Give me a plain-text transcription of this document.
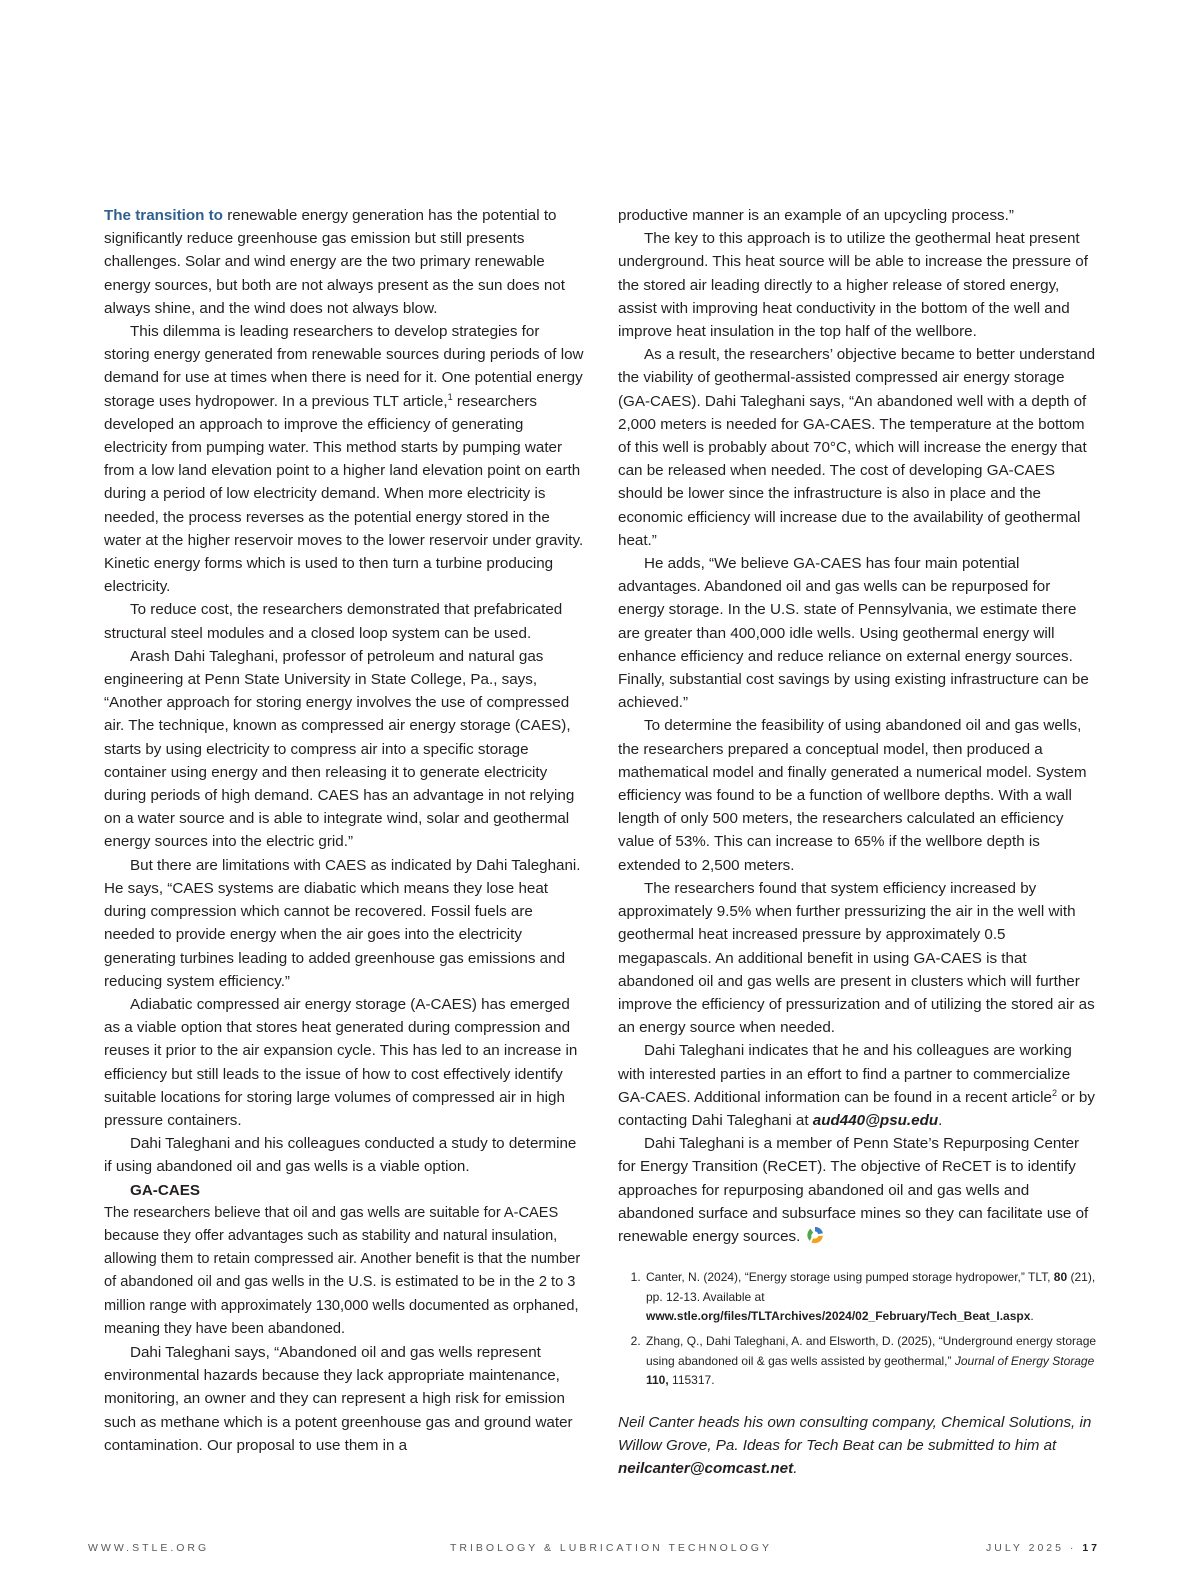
The transition to renewable energy generation has the potential to significantly reduce greenhouse gas emission but still presents challenges. Solar and wind energy are the two primary renewable energy sources, but both are not always present as the sun does not always shine, and the wind does not always blow.

This dilemma is leading researchers to develop strategies for storing energy generated from renewable sources during periods of low demand for use at times when there is need for it. One potential energy storage uses hydropower. In a previous TLT article,$^1$ researchers developed an approach to improve the efficiency of generating electricity from pumping water. This method starts by pumping water from a low land elevation point to a higher land elevation point on earth during a period of low electricity demand. When more electricity is needed, the process reverses as the potential energy stored in the water at the higher reservoir moves to the lower reservoir under gravity. Kinetic energy forms which is used to then turn a turbine producing electricity.

To reduce cost, the researchers demonstrated that prefabricated structural steel modules and a closed loop system can be used.

Arash Dahi Taleghani, professor of petroleum and natural gas engineering at Penn State University in State College, Pa., says, “Another approach for storing energy involves the use of compressed air. The technique, known as compressed air energy storage (CAES), starts by using electricity to compress air into a specific storage container using energy and then releasing it to generate electricity during periods of high demand. CAES has an advantage in not relying on a water source and is able to integrate wind, solar and geothermal energy sources into the electric grid.”

But there are limitations with CAES as indicated by Dahi Taleghani. He says, “CAES systems are diabatic which means they lose heat during compression which cannot be recovered. Fossil fuels are needed to provide energy when the air goes into the electricity generating turbines leading to added greenhouse gas emissions and reducing system efficiency.”

Adiabatic compressed air energy storage (A-CAES) has emerged as a viable option that stores heat generated during compression and reuses it prior to the air expansion cycle. This has led to an increase in efficiency but still leads to the issue of how to cost effectively identify suitable locations for storing large volumes of compressed air in high pressure containers.

Dahi Taleghani and his colleagues conducted a study to determine if using abandoned oil and gas wells is a viable option.

GA-CAES

The researchers believe that oil and gas wells are suitable for A-CAES because they offer advantages such as stability and natural insulation, allowing them to retain compressed air. Another benefit is that the number of abandoned oil and gas wells in the U.S. is estimated to be in the 2 to 3 million range with approximately 130,000 wells documented as orphaned, meaning they have been abandoned.

Dahi Taleghani says, “Abandoned oil and gas wells represent environmental hazards because they lack appropriate maintenance, monitoring, an owner and they can represent a high risk for emission such as methane which is a potent greenhouse gas and ground water contamination. Our proposal to use them in a

productive manner is an example of an upcycling process.”

The key to this approach is to utilize the geothermal heat present underground. This heat source will be able to increase the pressure of the stored air leading directly to a higher release of stored energy, assist with improving heat conductivity in the bottom of the well and improve heat insulation in the top half of the wellbore.

As a result, the researchers’ objective became to better understand the viability of geothermal-assisted compressed air energy storage (GA-CAES). Dahi Taleghani says, “An abandoned well with a depth of 2,000 meters is needed for GA-CAES. The temperature at the bottom of this well is probably about 70°C, which will increase the energy that can be released when needed. The cost of developing GA-CAES should be lower since the infrastructure is also in place and the economic efficiency will increase due to the availability of geothermal heat.”

He adds, “We believe GA-CAES has four main potential advantages. Abandoned oil and gas wells can be repurposed for energy storage. In the U.S. state of Pennsylvania, we estimate there are greater than 400,000 idle wells. Using geothermal energy will enhance efficiency and reduce reliance on external energy sources. Finally, substantial cost savings by using existing infrastructure can be achieved.”

To determine the feasibility of using abandoned oil and gas wells, the researchers prepared a conceptual model, then produced a mathematical model and finally generated a numerical model. System efficiency was found to be a function of wellbore depths. With a wall length of only 500 meters, the researchers calculated an efficiency value of 53%. This can increase to 65% if the wellbore depth is extended to 2,500 meters.

The researchers found that system efficiency increased by approximately 9.5% when further pressurizing the air in the well with geothermal heat increased pressure by approximately 0.5 megapascals. An additional benefit in using GA-CAES is that abandoned oil and gas wells are present in clusters which will further improve the efficiency of pressurization and of utilizing the stored air as an energy source when needed.

Dahi Taleghani indicates that he and his colleagues are working with interested parties in an effort to find a partner to commercialize GA-CAES. Additional information can be found in a recent article$^2$ or by contacting Dahi Taleghani at aud440@psu.edu.

Dahi Taleghani is a member of Penn State’s Repurposing Center for Energy Transition (ReCET). The objective of ReCET is to identify approaches for repurposing abandoned oil and gas wells and abandoned surface and subsurface mines so they can facilitate use of renewable energy sources.

1. Canter, N. (2024), “Energy storage using pumped storage hydropower,” TLT, 80 (21), pp. 12-13. Available at www.stle.org/files/TLTArchives/2024/02_February/Tech_Beat_I.aspx.
2. Zhang, Q., Dahi Taleghani, A. and Elsworth, D. (2025), “Underground energy storage using abandoned oil & gas wells assisted by geothermal,” Journal of Energy Storage 110, 115317.
Neil Canter heads his own consulting company, Chemical Solutions, in Willow Grove, Pa. Ideas for Tech Beat can be submitted to him at neilcanter@comcast.net.
WWW.STLE.ORG	TRIBOLOGY & LUBRICATION TECHNOLOGY	JULY 2025 · 17
